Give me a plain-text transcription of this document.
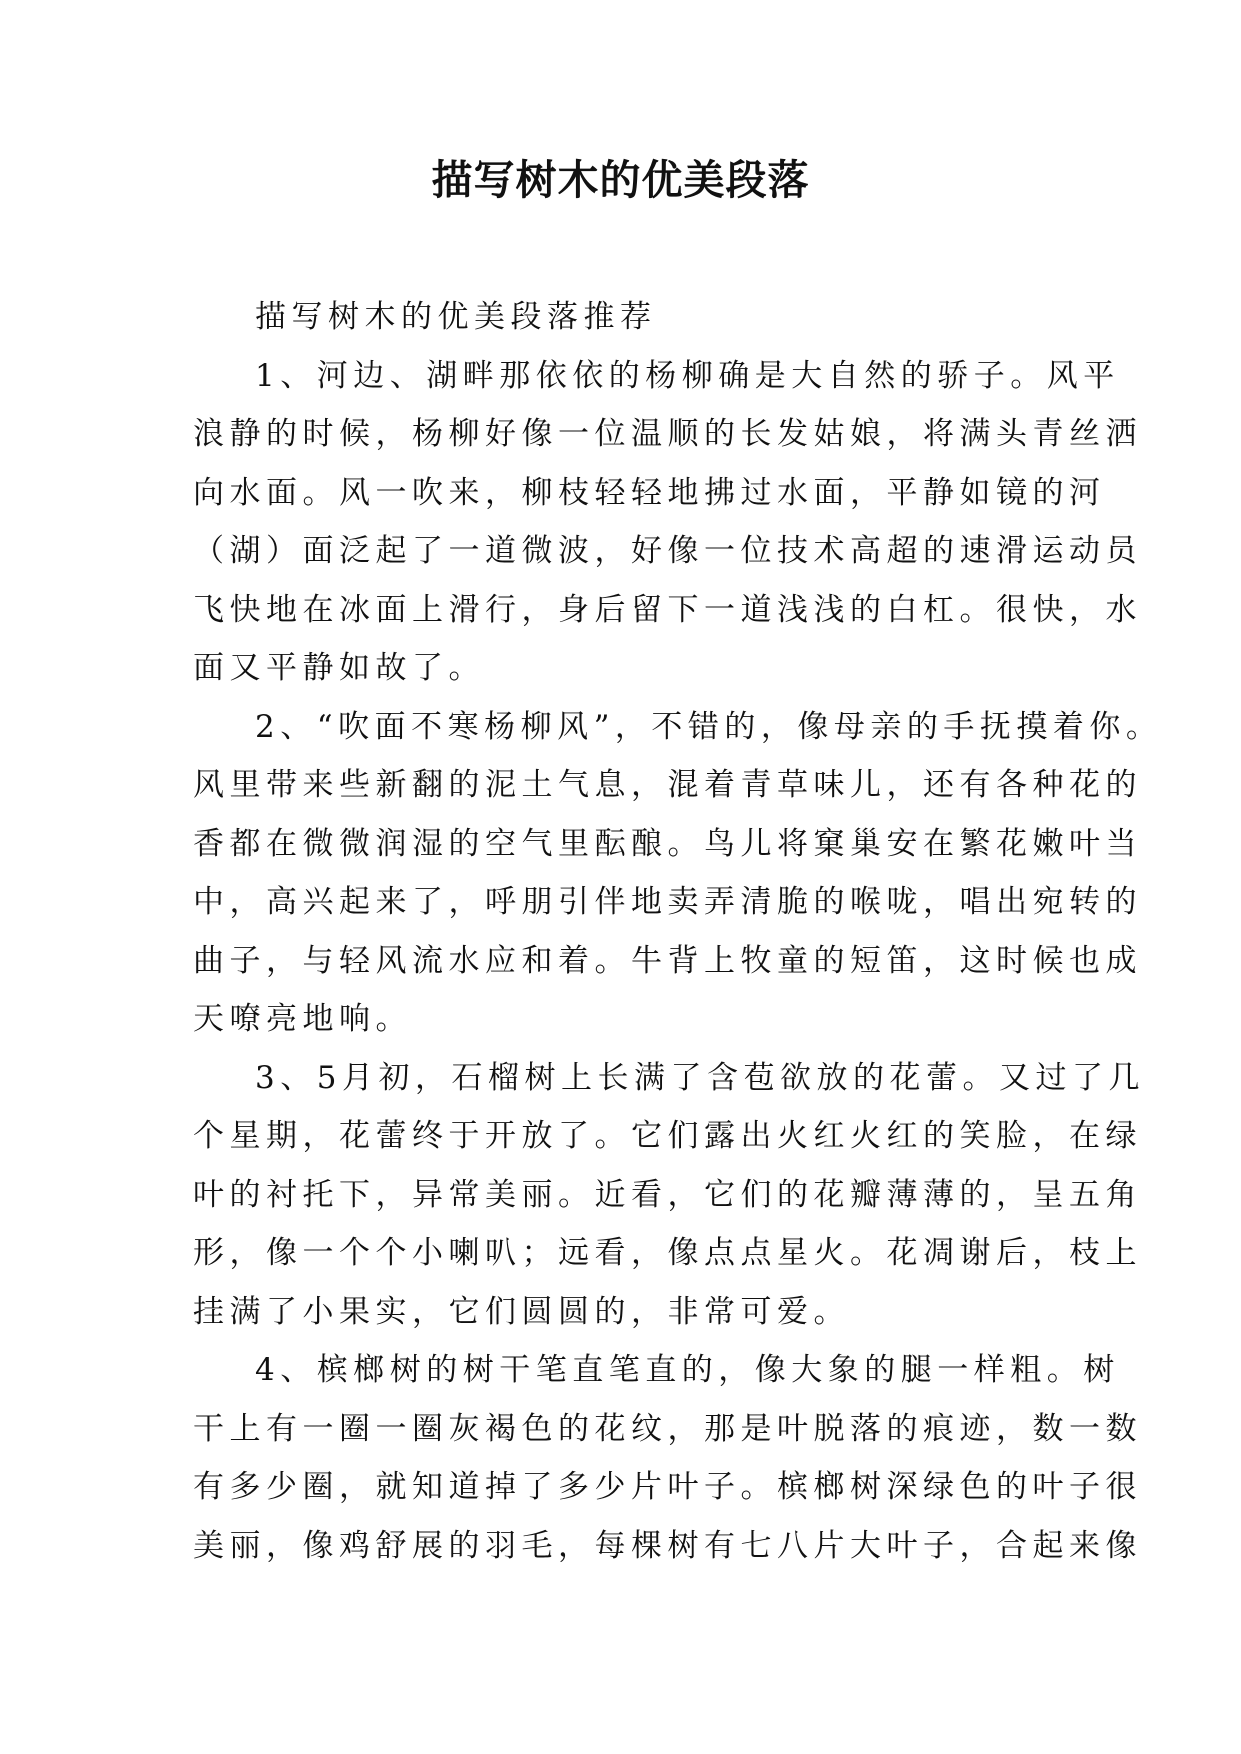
描写树木的优美段落

描写树木的优美段落推荐

1、河边、湖畔那依依的杨柳确是大自然的骄子。风平
浪静的时候，杨柳好像一位温顺的长发姑娘，将满头青丝洒
向水面。风一吹来，柳枝轻轻地拂过水面，平静如镜的河
（湖）面泛起了一道微波，好像一位技术高超的速滑运动员
飞快地在冰面上滑行，身后留下一道浅浅的白杠。很快，水
面又平静如故了。

2、“吹面不寒杨柳风”，不错的，像母亲的手抚摸着你。
风里带来些新翻的泥土气息，混着青草味儿，还有各种花的
香都在微微润湿的空气里酝酿。鸟儿将窠巢安在繁花嫩叶当
中，高兴起来了，呼朋引伴地卖弄清脆的喉咙，唱出宛转的
曲子，与轻风流水应和着。牛背上牧童的短笛，这时候也成
天嘹亮地响。

3、5月初，石榴树上长满了含苞欲放的花蕾。又过了几
个星期，花蕾终于开放了。它们露出火红火红的笑脸，在绿
叶的衬托下，异常美丽。近看，它们的花瓣薄薄的，呈五角
形，像一个个小喇叭；远看，像点点星火。花凋谢后，枝上
挂满了小果实，它们圆圆的，非常可爱。

4、槟榔树的树干笔直笔直的，像大象的腿一样粗。树
干上有一圈一圈灰褐色的花纹，那是叶脱落的痕迹，数一数
有多少圈，就知道掉了多少片叶子。槟榔树深绿色的叶子很
美丽，像鸡舒展的羽毛，每棵树有七八片大叶子，合起来像
